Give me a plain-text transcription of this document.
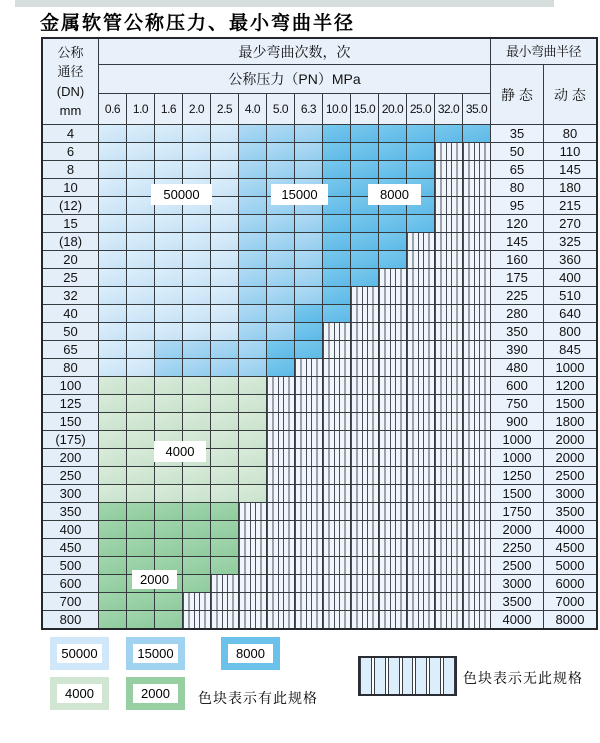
金属软管公称压力、最小弯曲半径
公称
通径
(DN)
mm
最少弯曲次数，次	最小弯曲半径
公称压力（PN）MPa
静 态	动 态
0.6	1.0	1.6	2.0	2.5	4.0	5.0	6.3 10.0 15.0 20.0 25.0 32.0 35.0
4	35	80
6	50	110
8	65	145
10	80	180
(12)	95	215
15	120	270
(18)	145	325
20	160	360
25	175	400
32	225	510
40	280	640
50	350	800
65	390	845
80	480	1000
100	600	1200
125	750	1500
150	900	1800
(175)	1000	2000
200	1000	2000
250	1250	2500
300	1500	3000
350	1750	3500
400	2000	4000
450	2250	4500
500	2500	5000
600	3000	6000
700	3500	7000
800	4000	8000
色块表示有此规格
色块表示无此规格
50000	15000	8000
4000
2000
50000	15000	8000
4000	2000
